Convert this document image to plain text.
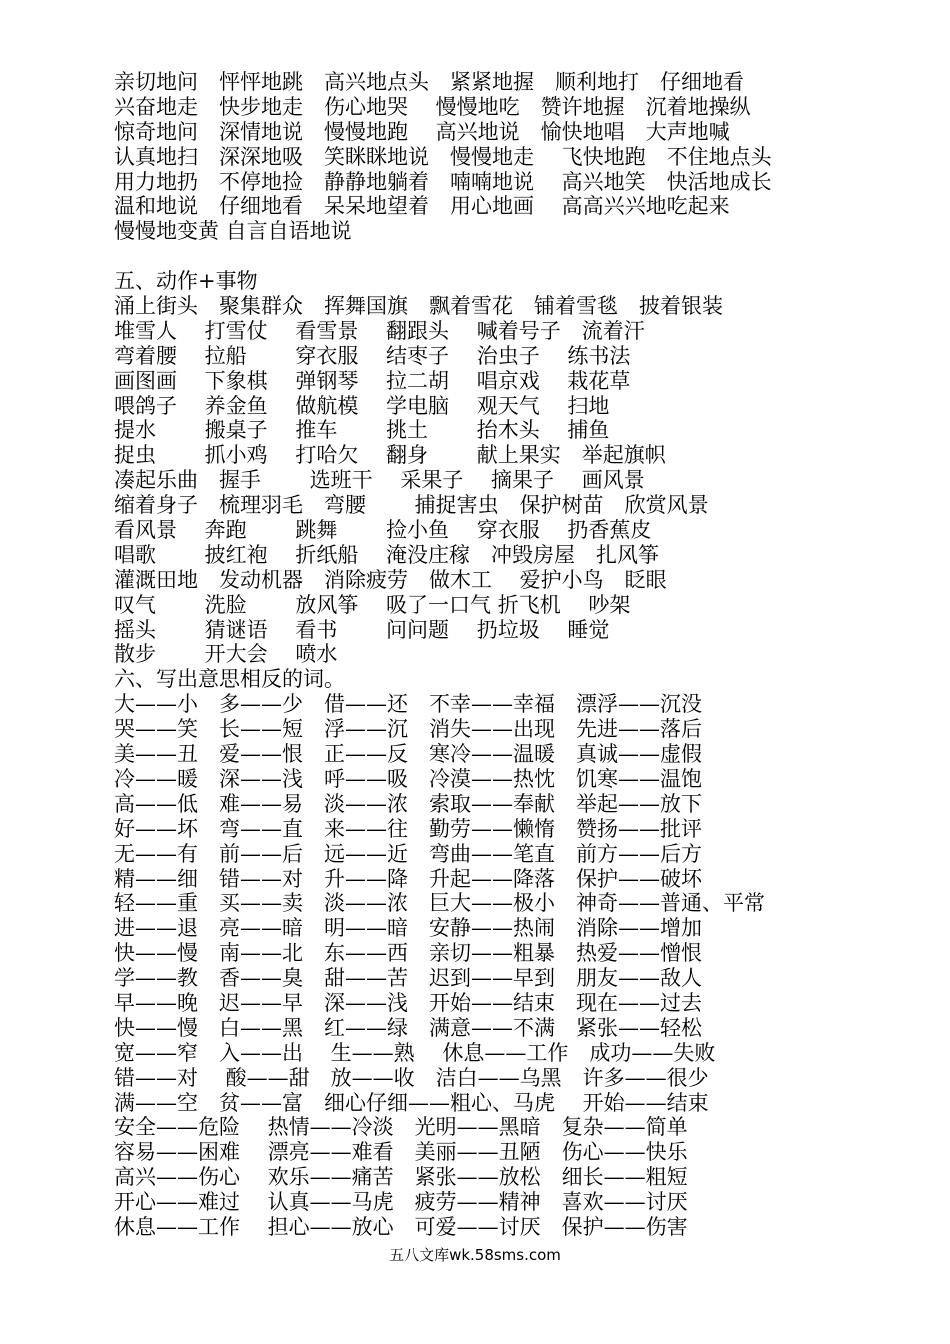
亲切地问　怦怦地跳　高兴地点头　紧紧地握　顺利地打　仔细地看
兴奋地走　快步地走　伤心地哭　 慢慢地吃　赞许地握　沉着地操纵
惊奇地问　深情地说　慢慢地跑　 高兴地说　愉快地唱　大声地喊
认真地扫　深深地吸　笑眯眯地说　慢慢地走　 飞快地跑　不住地点头
用力地扔　不停地捡　静静地躺着　喃喃地说　 高兴地笑　快活地成长
温和地说　仔细地看　呆呆地望着　用心地画　 高高兴兴地吃起来
慢慢地变黄 自言自语地说
五、动作+事物
涌上街头　聚集群众　挥舞国旗　飘着雪花　铺着雪毯　披着银装
堆雪人　 打雪仗　 看雪景　 翻跟头　 喊着号子　流着汗
弯着腰　 拉船　　 穿衣服　 结枣子　 治虫子　 练书法
画图画　 下象棋　 弹钢琴　 拉二胡　 唱京戏　 栽花草
喂鸽子　 养金鱼　 做航模　 学电脑　 观天气　 扫地
提水　　 搬桌子　 推车　　 挑土　　 抬木头　 捕鱼
捉虫　　 抓小鸡　 打哈欠　 翻身　　 献上果实　举起旗帜
凑起乐曲　握手　　 选班干　 采果子　 摘果子　 画风景
缩着身子　梳理羽毛　弯腰　　 捕捉害虫　保护树苗　欣赏风景
看风景　 奔跑　　 跳舞　　 捡小鱼　 穿衣服　 扔香蕉皮
唱歌　　 披红袍　 折纸船　 淹没庄稼　冲毁房屋　扎风筝
灌溉田地　发动机器　消除疲劳　做木工　 爱护小鸟　眨眼
叹气　　 洗脸　　 放风筝　 吸了一口气 折飞机　 吵架
摇头　　 猜谜语　 看书　　 问问题　 扔垃圾　 睡觉
散步　　 开大会　 喷水
六、写出意思相反的词。
大——小　多——少　借——还　不幸——幸福　漂浮——沉没
哭——笑　长——短　浮——沉　消失——出现　先进——落后
美——丑　爱——恨　正——反　寒冷——温暖　真诚——虚假
冷——暖　深——浅　呼——吸　冷漠——热忱　饥寒——温饱
高——低　难——易　淡——浓　索取——奉献　举起——放下
好——坏　弯——直　来——往　勤劳——懒惰　赞扬——批评
无——有　前——后　远——近　弯曲——笔直　前方——后方
精——细　错——对　升——降　升起——降落　保护——破坏
轻——重　买——卖　淡——浓　巨大——极小　神奇——普通、平常
进——退　亮——暗　明——暗　安静——热闹　消除——增加
快——慢　南——北　东——西　亲切——粗暴　热爱——憎恨
学——教　香——臭　甜——苦　迟到——早到　朋友——敌人
早——晚　迟——早　深——浅　开始——结束　现在——过去
快——慢　白——黑　红——绿　满意——不满　紧张——轻松
宽——窄　入——出　 生——熟　 休息——工作　成功——失败
错——对　 酸——甜　放——收　洁白——乌黑　许多——很少
满——空　贫——富　细心仔细——粗心、马虎　 开始——结束
安全——危险　 热情——冷淡　光明——黑暗　复杂——简单
容易——困难　 漂亮——难看　美丽——丑陋　伤心——快乐
高兴——伤心　 欢乐——痛苦　紧张——放松　细长——粗短
开心——难过　 认真——马虎　疲劳——精神　喜欢——讨厌
休息——工作　 担心——放心　可爱——讨厌　保护——伤害
五八文库wk.58sms.com
